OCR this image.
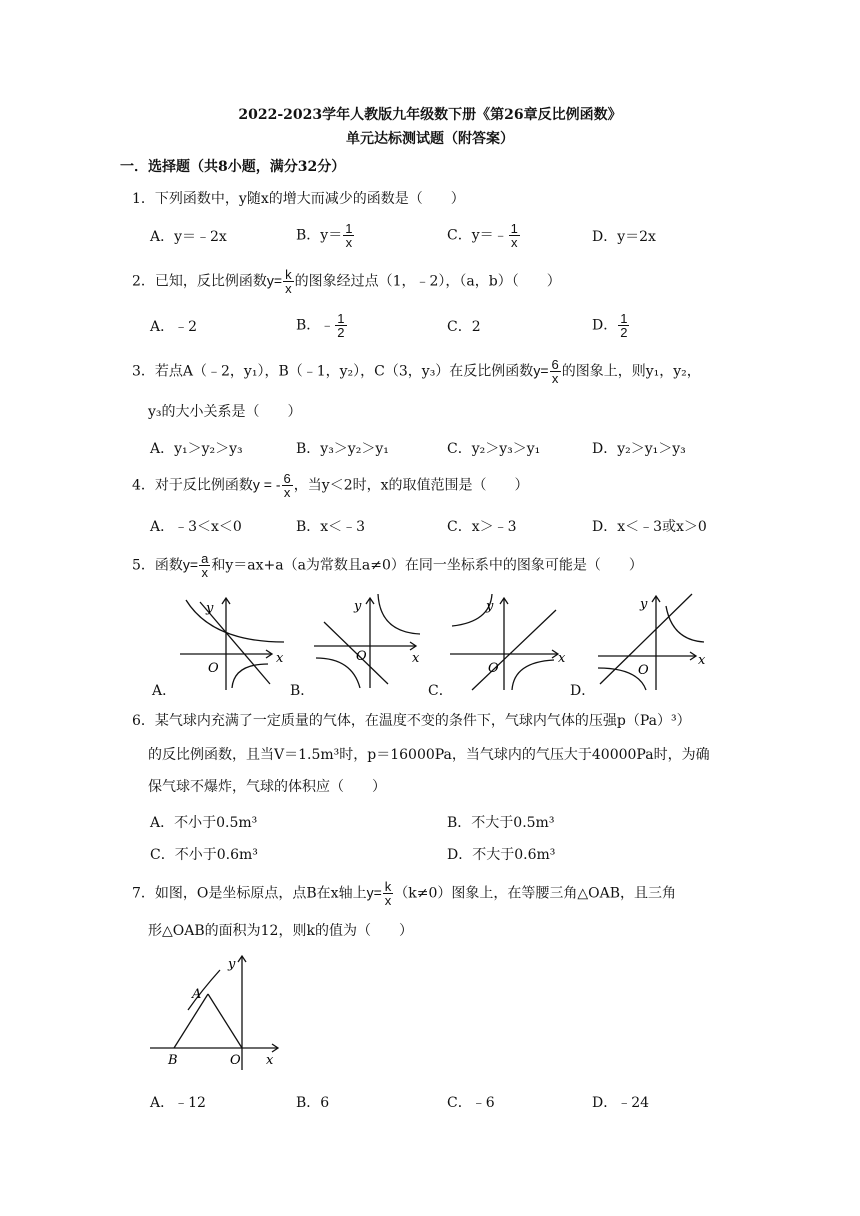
2022-2023学年人教版九年级数下册《第26章反比例函数》
单元达标测试题（附答案）
一．选择题（共8小题，满分32分）
1．下列函数中，y随x的增大而减少的函数是（　　）
A．y＝﹣2x	B．$y= \frac{1}{x}$	C．y＝﹣ $\frac{1}{x}$	D．y＝2x
2．已知，反比例函数$y= \frac{k}{x}$ 的图象经过点（1，﹣2），（a，b）（　　）
A．﹣2	B．﹣ $\frac{1}{2}$	C．2	D． $\frac{1}{2}$
3．若点A（﹣2，y₁），B（﹣1，y₂），C（3，y₃）在反比例函数$y= \frac{6}{x}$ 的图象上，则y₁，y₂，
y₃的大小关系是（　　）
A．y₁＞y₂＞y₃	B．y₃＞y₂＞y₁	C．y₂＞y₃＞y₁	D．y₂＞y₁＞y₃
4．对于反比例函数y = - $\frac{6}{x}$ ，当y＜2时，x的取值范围是（　　）
A．﹣3＜x＜0	B．x＜﹣3	C．x＞﹣3	D．x＜﹣3或x＞0
5．函数$y= \frac{a}{x}$ 和y＝ax+a（a为常数且a≠0）在同一坐标系中的图象可能是（　　）
y
x
O
A．
y
x
O
B．
y
x
O
C．
y
x
O
D．
6．某气球内充满了一定质量的气体，在温度不变的条件下，气球内气体的压强p（Pa）³）
的反比例函数，且当V＝1.5m³时，p＝16000Pa，当气球内的气压大于40000Pa时，为确
保气球不爆炸，气球的体积应（　　）
A．不小于0.5m³	B．不大于0.5m³
C．不小于0.6m³	D．不大于0.6m³
7．如图，O是坐标原点，点B在x轴上$y= \frac{k}{x} (k\ne 0)$图象上，在等腰三角△OAB，且三角
形△OAB的面积为12，则k的值为（　　）
y
x
A
B	O
A．﹣12	B．6	C．﹣6	D．﹣24
